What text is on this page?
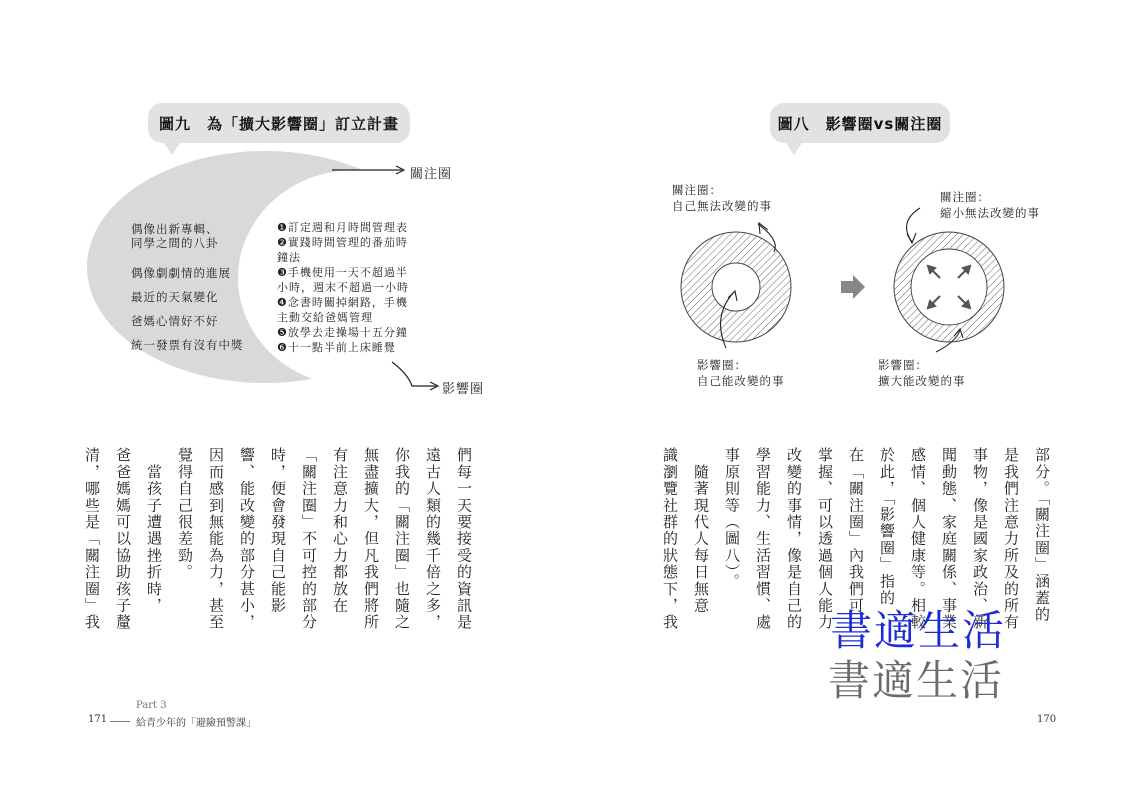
圖九　為「擴大影響圈」訂立計畫
關注圈
影響圈
偶像出新專輯、
同學之間的八卦
偶像劇劇情的進展
最近的天氣變化
爸媽心情好不好
統一發票有沒有中獎
❶訂定週和月時間管理表
❷實踐時間管理的番茄時
鐘法
❸手機使用一天不超過半
小時，週末不超過一小時
❹念書時關掉網路，手機
主動交給爸媽管理
❺放學去走操場十五分鐘
❻十一點半前上床睡覺
們每一天要接受的資訊是
遠古人類的幾千倍之多，
你我的「關注圈」也隨之
無盡擴大，但凡我們將所
有注意力和心力都放在
「關注圈」不可控的部分
時，便會發現自己能影
響、能改變的部分甚小，
因而感到無能為力，甚至
覺得自己很差勁。
　當孩子遭遇挫折時，
爸爸媽媽可以協助孩子釐
清，哪些是「關注圈」我
Part 3
171	給青少年的「避險預警課」
圖八　影響圈vs關注圈
關注圈：
自己無法改變的事
影響圈：
自己能改變的事
關注圈：
縮小無法改變的事
影響圈：
擴大能改變的事
部分。「關注圈」涵蓋的
是我們注意力所及的所有
事物，像是國家政治、新
聞動態、家庭關係、事業
感情、個人健康等。相較
於此，「影響圈」指的
在「關注圈」內我們可
掌握、可以透過個人能力
改變的事情，像是自己的
學習能力、生活習慣、處
事原則等（圖八）。
　隨著現代人每日無意
識瀏覽社群的狀態下，我
170
書適生活
書適生活
